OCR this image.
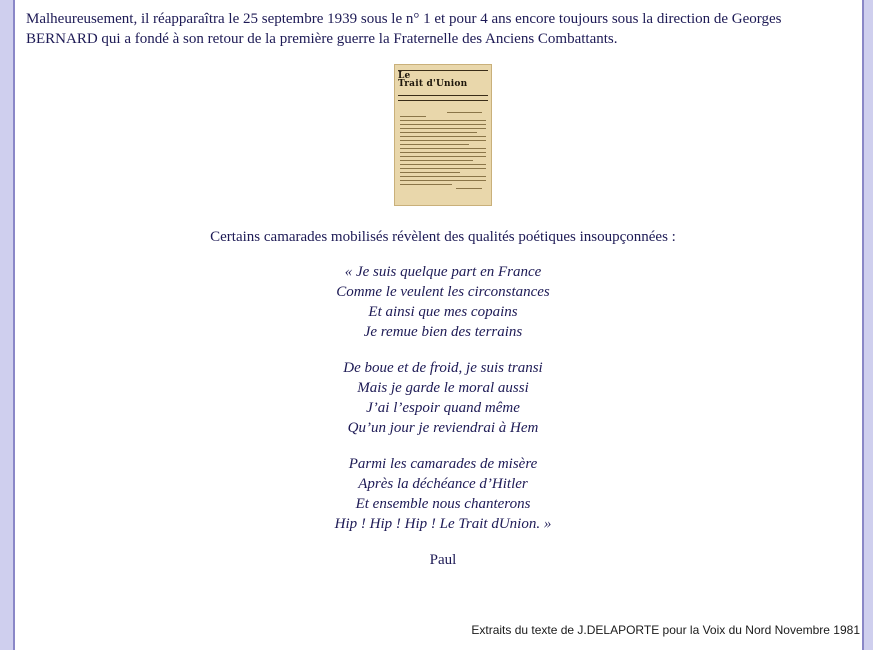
Malheureusement, il réapparaîtra le 25 septembre 1939 sous le n° 1 et pour 4 ans encore toujours sous la direction de Georges BERNARD qui a fondé à son retour de la première guerre la Fraternelle des Anciens Combattants.

Le
Trait d'Union
Certains camarades mobilisés révèlent des qualités poétiques insoupçonnées :
« Je suis quelque part en France
Comme le veulent les circonstances
Et ainsi que mes copains
Je remue bien des terrains
De boue et de froid, je suis transi
Mais je garde le moral aussi
J’ai l’espoir quand même
Qu’un jour je reviendrai à Hem
Parmi les camarades de misère
Après la déchéance d’Hitler
Et ensemble nous chanterons
Hip ! Hip ! Hip ! Le Trait dUnion. »
Paul
Extraits du texte de J.DELAPORTE pour la Voix du Nord Novembre 1981
